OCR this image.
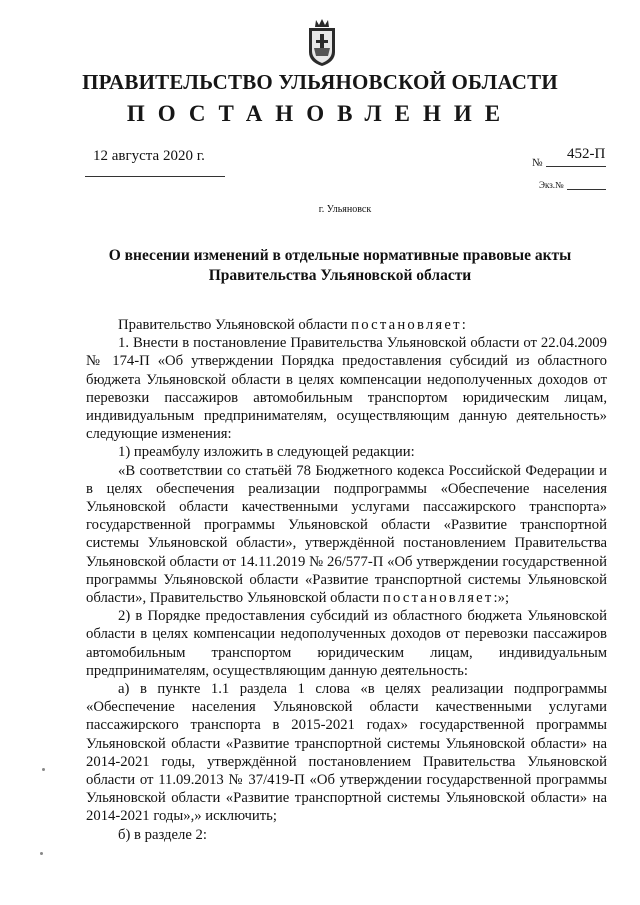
ПРАВИТЕЛЬСТВО УЛЬЯНОВСКОЙ ОБЛАСТИ
ПОСТАНОВЛЕНИЕ
12 августа 2020 г.	№
452-П
Экз.№
г. Ульяновск
О внесении изменений в отдельные нормативные правовые акты
Правительства Ульяновской области

Правительство Ульяновской области постановляет:

1. Внести в постановление Правительства Ульяновской области от 22.04.2009 № 174-П «Об утверждении Порядка предоставления субсидий из областного бюджета Ульяновской области в целях компенсации недополученных доходов от перевозки пассажиров автомобильным транспортом юридическим лицам, индивидуальным предпринимателям, осуществляющим данную деятельность» следующие изменения:

1) преамбулу изложить в следующей редакции:

«В соответствии со статьёй 78 Бюджетного кодекса Российской Федерации и в целях обеспечения реализации подпрограммы «Обеспечение населения Ульяновской области качественными услугами пассажирского транспорта» государственной программы Ульяновской области «Развитие транспортной системы Ульяновской области», утверждённой постановлением Правительства Ульяновской области от 14.11.2019 № 26/577-П «Об утверждении государственной программы Ульяновской области «Развитие транспортной системы Ульяновской области», Правительство Ульяновской области постановляет:»;

2) в Порядке предоставления субсидий из областного бюджета Ульяновской области в целях компенсации недополученных доходов от перевозки пассажиров автомобильным транспортом юридическим лицам, индивидуальным предпринимателям, осуществляющим данную деятельность:

а) в пункте 1.1 раздела 1 слова «в целях реализации подпрограммы «Обеспечение населения Ульяновской области качественными услугами пассажирского транспорта в 2015-2021 годах» государственной программы Ульяновской области «Развитие транспортной системы Ульяновской области» на 2014-2021 годы, утверждённой постановлением Правительства Ульяновской области от 11.09.2013 № 37/419-П «Об утверждении государственной программы Ульяновской области «Развитие транспортной системы Ульяновской области» на 2014-2021 годы»,» исключить;

б) в разделе 2:
